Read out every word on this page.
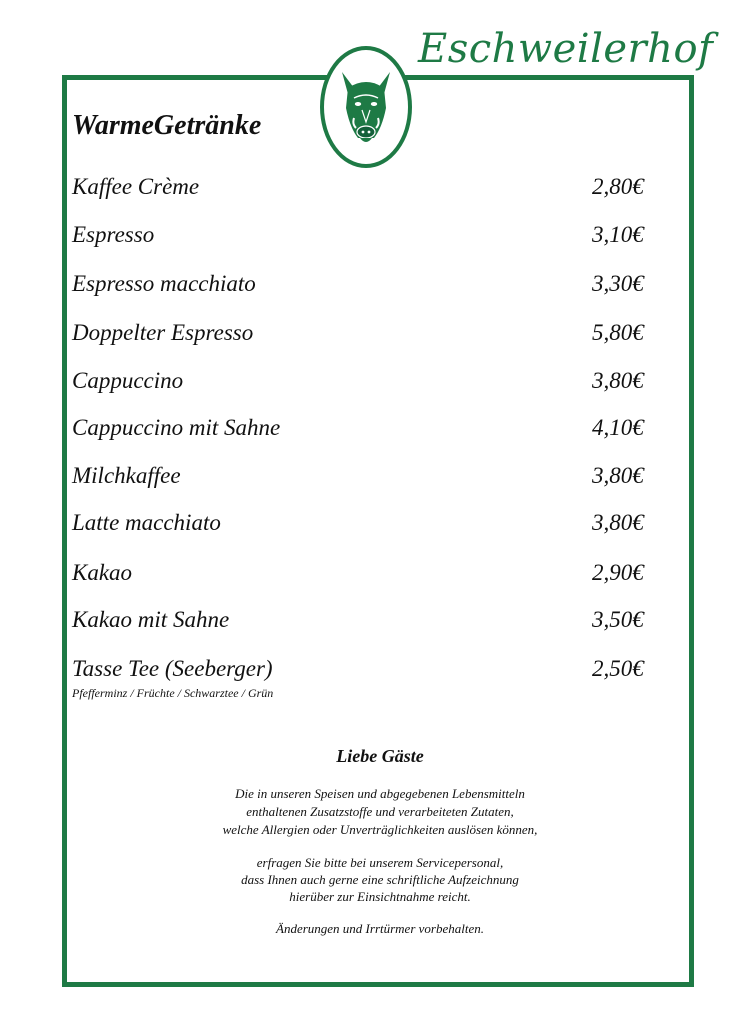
Eschweilerhof
WarmeGetränke
Kaffee Crème	2,80€
Espresso	3,10€
Espresso macchiato	3,30€
Doppelter Espresso	5,80€
Cappuccino	3,80€
Cappuccino mit Sahne	4,10€
Milchkaffee	3,80€
Latte macchiato	3,80€
Kakao	2,90€
Kakao mit Sahne	3,50€
Tasse Tee (Seeberger)	2,50€
Pfefferminz / Früchte / Schwarztee / Grün
Liebe Gäste
Die in unseren Speisen und abgegebenen Lebensmitteln
enthaltenen Zusatzstoffe und verarbeiteten Zutaten,
welche Allergien oder Unverträglichkeiten auslösen können,
erfragen Sie bitte bei unserem Servicepersonal,
dass Ihnen auch gerne eine schriftliche Aufzeichnung
hierüber zur Einsichtnahme reicht.
Änderungen und Irrtürmer vorbehalten.
